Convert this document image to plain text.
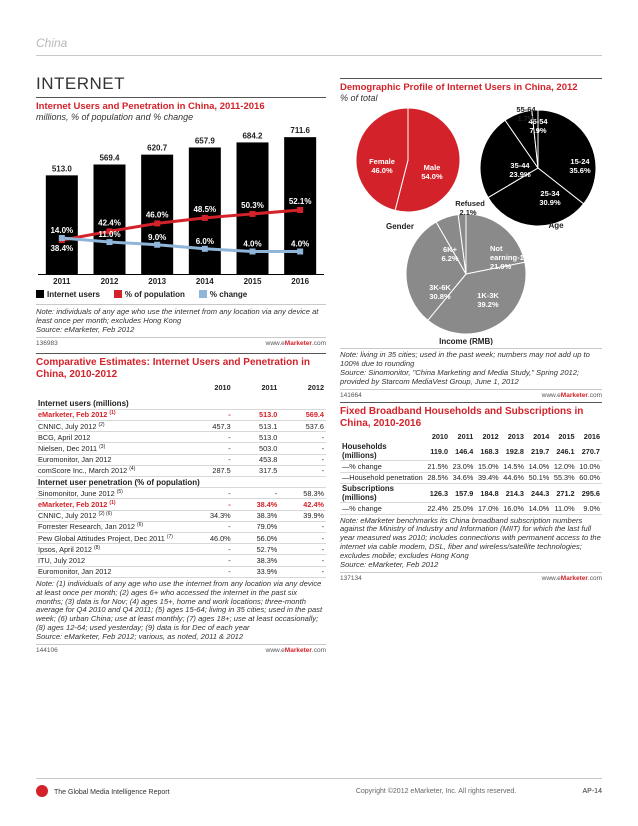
China
INTERNET
Internet Users and Penetration in China, 2011-2016
millions, % of population and % change
513.0
2011
569.4
2012
620.7
2013
657.9
2014
684.2
2015
711.6
2016
38.4%
42.4%
46.0%
48.5%	50.3%	52.1%
14.0%	11.0%	9.0%	6.0%	4.0%	4.0%
Internet users	% of population	% change
Note: individuals of any age who use the internet from any location via any device at least once per month; excludes Hong Kong
Source: eMarketer, Feb 2012
136983	www.eMarketer.com
Comparative Estimates: Internet Users and Penetration in China, 2010-2012
	2010	2011	2012

Internet users (millions)			
eMarketer, Feb 2012 $^{(1)}$	-	513.0	569.4
CNNIC, July 2012 $^{(2)}$	457.3	513.1	537.6
BCG, April 2012	-	513.0	-
Nielsen, Dec 2011 $^{(3)}$	-	503.0	-
Euromonitor, Jan 2012	-	453.8	-
comScore Inc., March 2012 $^{(4)}$	287.5	317.5	-
Internet user penetration (% of population)			
Sinomonitor, June 2012 $^{(5)}$	-	-	58.3%
eMarketer, Feb 2012 $^{(1)}$	-	38.4%	42.4%
CNNIC, July 2012 $^{(2) (6)}$	34.3%	38.3%	39.9%
Forrester Research, Jan 2012 $^{(6)}$	-	79.0%	-
Pew Global Attitudes Project, Dec 2011 $^{(7)}$	46.0%	56.0%	-
Ipsos, April 2012 $^{(8)}$	-	52.7%	-
ITU, July 2012	-	38.3%	-
Euromonitor, Jan 2012	-	33.9%	-
Note: (1) individuals of any age who use the internet from any location via any device at least once per month; (2) ages 6+ who accessed the internet in the past six months; (3) data is for Nov; (4) ages 15+, home and work locations; three-month average for Q4 2010 and Q4 2011; (5) ages 15-64; living in 35 cities; used in the past week; (6) urban China; use at least monthly; (7) ages 18+; use at least occasionally; (8) ages 12-64; used yesterday; (9) data is for Dec of each year
Source: eMarketer, Feb 2012; various, as noted, 2011 & 2012
144106	www.eMarketer.com
Demographic Profile of Internet Users in China, 2012
% of total
Male
54.0%
Female
46.0%
Gender
15-24
35.6%
25-34
30.9%
35-44
23.9%
45-54
7.9%
55-64
1.7%
Age
Not
earning-1K
21.9%
1K-3K
39.2%
3K-6K
30.8%
6K+
6.2%
Refused
2.1%
Income (RMB)
Note: living in 35 cities; used in the past week; numbers may not add up to 100% due to rounding
Source: Sinomonitor, "China Marketing and Media Study," Spring 2012; provided by Starcom MediaVest Group, June 1, 2012
141664	www.eMarketer.com
Fixed Broadband Households and Subscriptions in China, 2010-2016
	2010	2011	2012	2013	2014	2015	2016
Households (millions)	119.0	146.4	168.3	192.8	219.7	246.1	270.7
—% change	21.5%	23.0%	15.0%	14.5%	14.0%	12.0%	10.0%
—Household penetration	28.5%	34.6%	39.4%	44.6%	50.1%	55.3%	60.0%
Subscriptions (millions)	126.3	157.9	184.8	214.3	244.3	271.2	295.6
—% change	22.4%	25.0%	17.0%	16.0%	14.0%	11.0%	9.0%
Note: eMarketer benchmarks its China broadband subscription numbers against the Ministry of Industry and Information (MIIT) for which the last full year measured was 2010; includes connections with permanent access to the internet via cable modem, DSL, fiber and wireless/satellite technologies; excludes mobile; excludes Hong Kong
Source: eMarketer, Feb 2012
137134	www.eMarketer.com
The Global Media Intelligence Report	Copyright ©2012 eMarketer, Inc. All rights reserved.	AP-14
